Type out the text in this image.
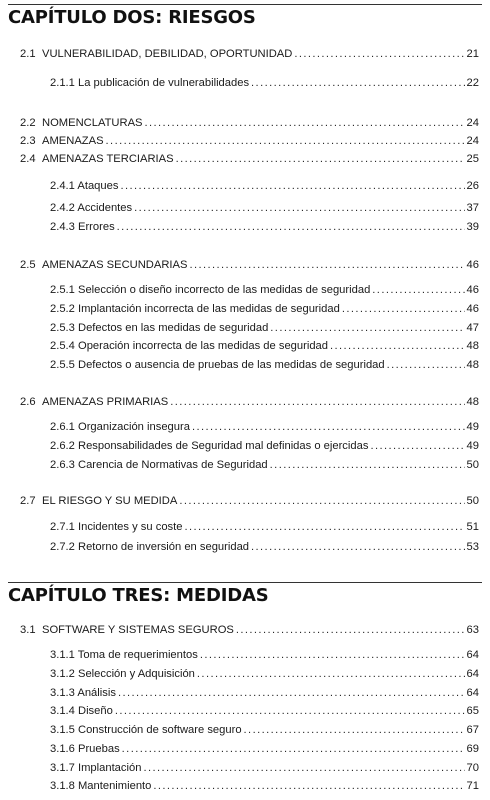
CAPÍTULO DOS: RIESGOS
2.1 VULNERABILIDAD, DEBILIDAD, OPORTUNIDAD .....	21
2.1.1 La publicación de vulnerabilidades .....	22
2.2 NOMENCLATURAS .....	24
2.3 AMENAZAS .....	24
2.4 AMENAZAS TERCIARIAS .....	25
2.4.1 Ataques .....	26
2.4.2 Accidentes .....	37
2.4.3 Errores .....	39
2.5 AMENAZAS SECUNDARIAS .....	46
2.5.1 Selección o diseño incorrecto de las medidas de seguridad .....	46
2.5.2 Implantación incorrecta de las medidas de seguridad .....	46
2.5.3 Defectos en las medidas de seguridad .....	47
2.5.4 Operación incorrecta de las medidas de seguridad .....	48
2.5.5 Defectos o ausencia de pruebas de las medidas de seguridad .....	48
2.6 AMENAZAS PRIMARIAS .....	48
2.6.1 Organización insegura .....	49
2.6.2 Responsabilidades de Seguridad mal definidas o ejercidas .....	49
2.6.3 Carencia de Normativas de Seguridad .....	50
2.7 EL RIESGO Y SU MEDIDA .....	50
2.7.1 Incidentes y su coste .....	51
2.7.2 Retorno de inversión en seguridad .....	53
CAPÍTULO TRES: MEDIDAS
3.1 SOFTWARE Y SISTEMAS SEGUROS .....	63
3.1.1 Toma de requerimientos .....	64
3.1.2 Selección y Adquisición .....	64
3.1.3 Análisis .....	64
3.1.4 Diseño .....	65
3.1.5 Construcción de software seguro .....	67
3.1.6 Pruebas .....	69
3.1.7 Implantación .....	70
3.1.8 Mantenimiento .....	71
